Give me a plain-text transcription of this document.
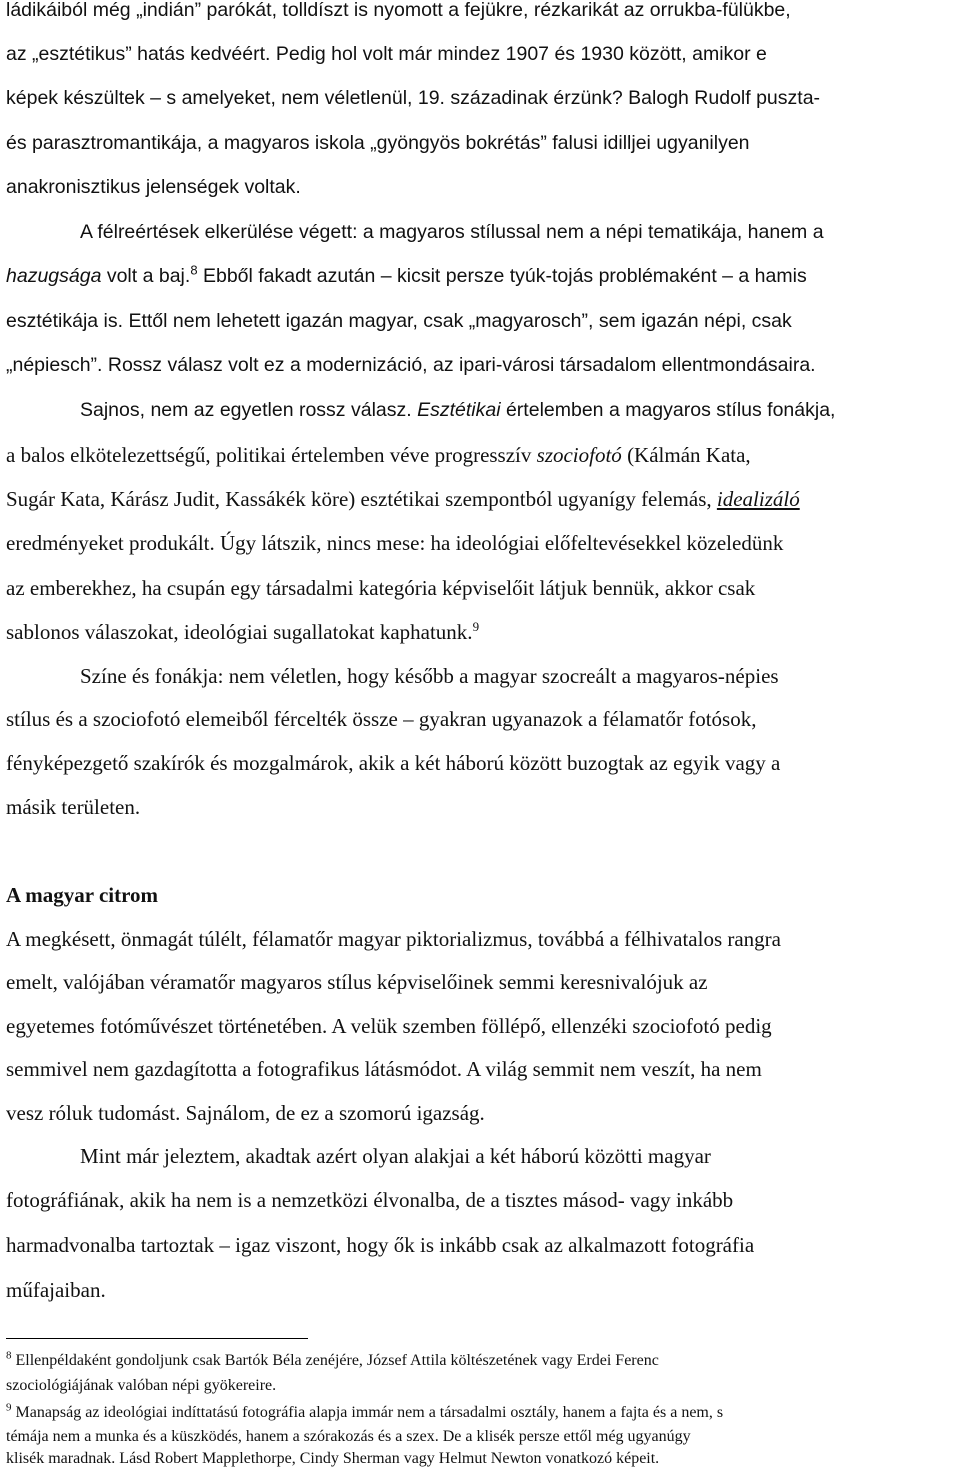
ládikáiból még „indián” parókát, tolldíszt is nyomott a fejükre, rézkarikát az orrukba-fülükbe,
az „esztétikus” hatás kedvéért. Pedig hol volt már mindez 1907 és 1930 között, amikor e
képek készültek – s amelyeket, nem véletlenül, 19. századinak érzünk? Balogh Rudolf puszta-
és parasztromantikája, a magyaros iskola „gyöngyös bokrétás” falusi idilljei ugyanilyen
anakronisztikus jelenségek voltak.
A félreértések elkerülése végett: a magyaros stílussal nem a népi tematikája, hanem a
hazugsága volt a baj.$^8$ Ebből fakadt azután – kicsit persze tyúk-tojás problémaként – a hamis
esztétikája is. Ettől nem lehetett igazán magyar, csak „magyarosch”, sem igazán népi, csak
„népiesch”. Rossz válasz volt ez a modernizáció, az ipari-városi társadalom ellentmondásaira.
Sajnos, nem az egyetlen rossz válasz. Esztétikai értelemben a magyaros stílus fonákja,
a balos elkötelezettségű, politikai értelemben véve progresszív szociofotó (Kálmán Kata,
Sugár Kata, Kárász Judit, Kassákék köre) esztétikai szempontból ugyanígy felemás, idealizáló
eredményeket produkált. Úgy látszik, nincs mese: ha ideológiai előfeltevésekkel közeledünk
az emberekhez, ha csupán egy társadalmi kategória képviselőit látjuk bennük, akkor csak
sablonos válaszokat, ideológiai sugallatokat kaphatunk.$^9$
Színe és fonákja: nem véletlen, hogy később a magyar szocreált a magyaros-népies
stílus és a szociofotó elemeiből fércelték össze – gyakran ugyanazok a félamatőr fotósok,
fényképezgető szakírók és mozgalmárok, akik a két háború között buzogtak az egyik vagy a
másik területen.
A magyar citrom
A megkésett, önmagát túlélt, félamatőr magyar piktorializmus, továbbá a félhivatalos rangra
emelt, valójában véramatőr magyaros stílus képviselőinek semmi keresnivalójuk az
egyetemes fotóművészet történetében. A velük szemben föllépő, ellenzéki szociofotó pedig
semmivel nem gazdagította a fotografikus látásmódot. A világ semmit nem veszít, ha nem
vesz róluk tudomást. Sajnálom, de ez a szomorú igazság.
Mint már jeleztem, akadtak azért olyan alakjai a két háború közötti magyar
fotográfiának, akik ha nem is a nemzetközi élvonalba, de a tisztes másod- vagy inkább
harmadvonalba tartoztak – igaz viszont, hogy ők is inkább csak az alkalmazott fotográfia
műfajaiban.
$^8$ Ellenpéldaként gondoljunk csak Bartók Béla zenéjére, József Attila költészetének vagy Erdei Ferenc
szociológiájának valóban népi gyökereire.
$^9$ Manapság az ideológiai indíttatású fotográfia alapja immár nem a társadalmi osztály, hanem a fajta és a nem, s
témája nem a munka és a küszködés, hanem a szórakozás és a szex. De a klisék persze ettől még ugyanúgy
klisék maradnak. Lásd Robert Mapplethorpe, Cindy Sherman vagy Helmut Newton vonatkozó képeit.
